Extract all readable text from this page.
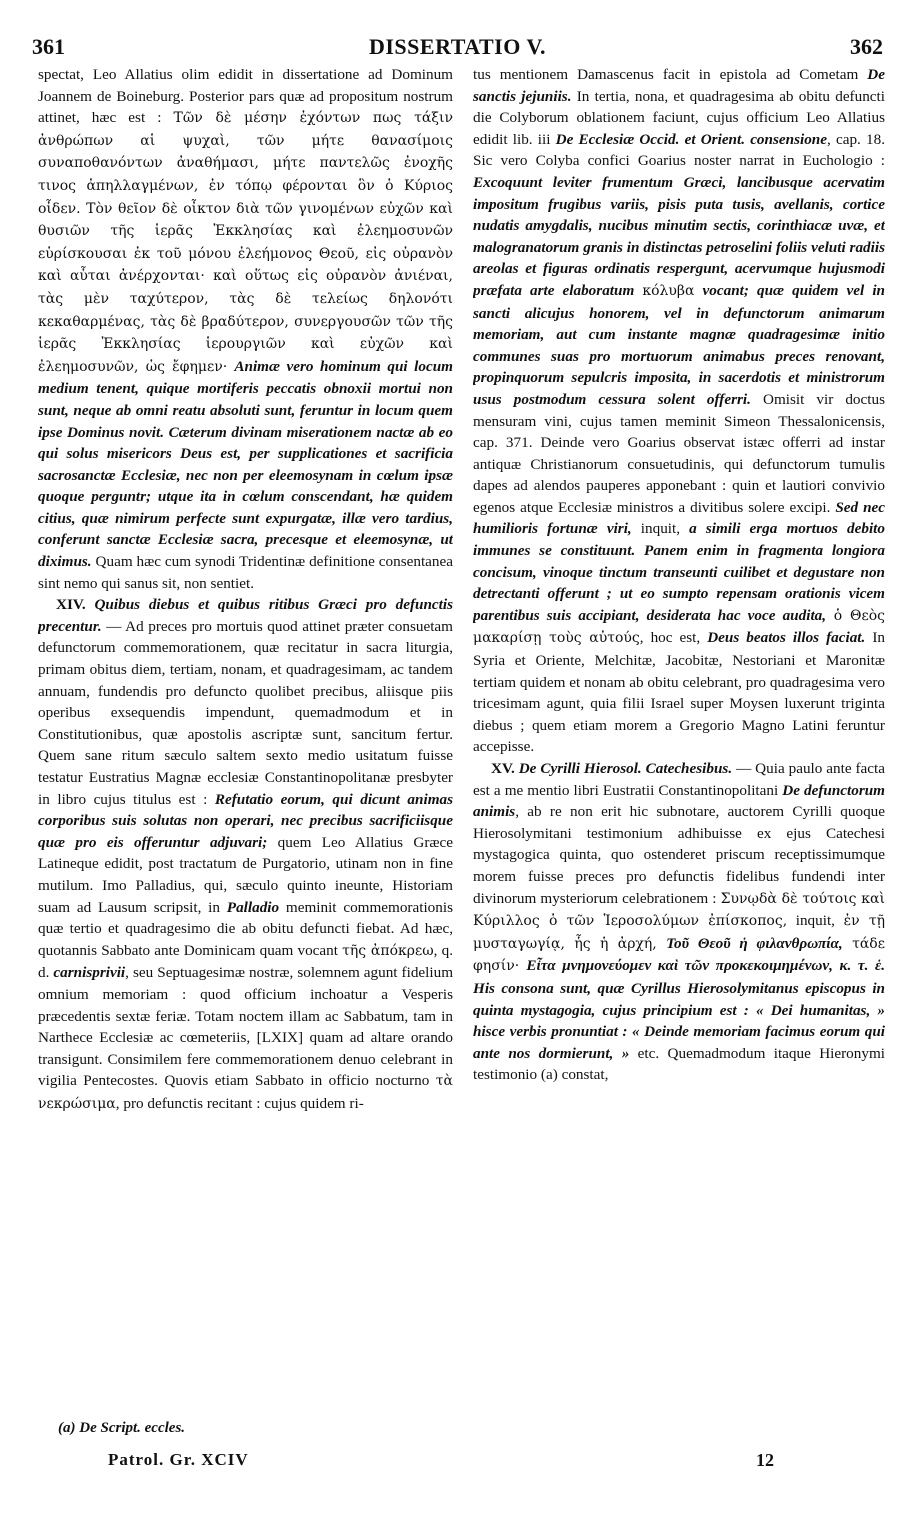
361	DISSERTATIO V.	362

spectat, Leo Allatius olim edidit in dissertatione ad Dominum Joannem de Boineburg. Posterior pars quæ ad propositum nostrum attinet, hæc est : Τῶν δὲ μέσην ἐχόντων πως τάξιν ἀνθρώπων αἱ ψυχαὶ, τῶν μήτε θανασίμοις συναποθανόντων ἀναθήμασι, μήτε παντελῶς ἐνοχῆς τινος ἀπηλλαγμένων, ἐν τόπῳ φέρονται ὃν ὁ Κύριος οἶδεν. Τὸν θεῖον δὲ οἶκτον διὰ τῶν γινομένων εὐχῶν καὶ θυσιῶν τῆς ἱερᾶς Ἐκκλησίας καὶ ἐλεημοσυνῶν εὑρίσκουσαι ἐκ τοῦ μόνου ἐλεήμονος Θεοῦ, εἰς οὐρανὸν καὶ αὗται ἀνέρχονται· καὶ οὕτως εἰς οὐρανὸν ἀνιέναι, τὰς μὲν ταχύτερον, τὰς δὲ τελείως δηλονότι κεκαθαρμένας, τὰς δὲ βραδύτερον, συνεργουσῶν τῶν τῆς ἱερᾶς Ἐκκλησίας ἱερουργιῶν καὶ εὐχῶν καὶ ἐλεημοσυνῶν, ὡς ἔφημεν· Animæ vero hominum qui locum medium tenent, quique mortiferis peccatis obnoxii mortui non sunt, neque ab omni reatu absoluti sunt, feruntur in locum quem ipse Dominus novit. Cæterum divinam miserationem nactæ ab eo qui solus misericors Deus est, per supplicationes et sacrificia sacrosanctæ Ecclesiæ, nec non per eleemosynam in cœlum ipsæ quoque perguntr; utque ita in cœlum conscendant, hæ quidem citius, quæ nimirum perfecte sunt expurgatæ, illæ vero tardius, conferunt sanctæ Ecclesiæ sacra, precesque et eleemosynæ, ut diximus. Quam hæc cum synodi Tridentinæ definitione consentanea sint nemo qui sanus sit, non sentiet.

XIV. Quibus diebus et quibus ritibus Græci pro defunctis precentur. — Ad preces pro mortuis quod attinet præter consuetam defunctorum commemorationem, quæ recitatur in sacra liturgia, primam obitus diem, tertiam, nonam, et quadragesimam, ac tandem annuam, fundendis pro defuncto quolibet precibus, aliisque piis operibus exsequendis impendunt, quemadmodum et in Constitutionibus, quæ apostolis ascriptæ sunt, sancitum fertur. Quem sane ritum sæculo saltem sexto medio usitatum fuisse testatur Eustratius Magnæ ecclesiæ Constantinopolitanæ presbyter in libro cujus titulus est : Refutatio eorum, qui dicunt animas corporibus suis solutas non operari, nec precibus sacrificiisque quæ pro eis offeruntur adjuvari; quem Leo Allatius Græce Latineque edidit, post tractatum de Purgatorio, utinam non in fine mutilum. Imo Palladius, qui, sæculo quinto ineunte, Historiam suam ad Lausum scripsit, in Palladio meminit commemorationis quæ tertio et quadragesimo die ab obitu defuncti fiebat. Ad hæc, quotannis Sabbato ante Dominicam quam vocant τῆς ἀπόκρεω, q. d. carnisprivii, seu Septuagesimæ nostræ, solemnem agunt fidelium omnium memoriam : quod officium inchoatur a Vesperis præcedentis sextæ feriæ. Totam noctem illam ac Sabbatum, tam in Narthece Ecclesiæ ac cœmeteriis, [LXIX] quam ad altare orando transigunt. Consimilem fere commemorationem denuo celebrant in vigilia Pentecostes. Quovis etiam Sabbato in officio nocturno τὰ νεκρώσιμα, pro defunctis recitant : cujus quidem ri-

tus mentionem Damascenus facit in epistola ad Cometam De sanctis jejuniis. In tertia, nona, et quadragesima ab obitu defuncti die Colyborum oblationem faciunt, cujus officium Leo Allatius edidit lib. iii De Ecclesiæ Occid. et Orient. consensione, cap. 18. Sic vero Colyba confici Goarius noster narrat in Euchologio : Excoquunt leviter frumentum Græci, lancibusque acervatim impositum frugibus variis, pisis puta tusis, avellanis, cortice nudatis amygdalis, nucibus minutim sectis, corinthiacæ uvæ, et malogranatorum granis in distinctas petroselini foliis veluti radiis areolas et figuras ordinatis respergunt, acervumque hujusmodi præfata arte elaboratum κόλυβα vocant; quæ quidem vel in sancti alicujus honorem, vel in defunctorum animarum memoriam, aut cum instante magnæ quadragesimæ initio communes suas pro mortuorum animabus preces renovant, propinquorum sepulcris imposita, in sacerdotis et ministrorum usus postmodum cessura solent offerri. Omisit vir doctus mensuram vini, cujus tamen meminit Simeon Thessalonicensis, cap. 371. Deinde vero Goarius observat istæc offerri ad instar antiquæ Christianorum consuetudinis, qui defunctorum tumulis dapes ad alendos pauperes apponebant : quin et lautiori convivio egenos atque Ecclesiæ ministros a divitibus solere excipi. Sed nec humilioris fortunæ viri, inquit, a simili erga mortuos debito immunes se constituunt. Panem enim in fragmenta longiora concisum, vinoque tinctum transeunti cuilibet et degustare non detrectanti offerunt ; ut eo sumpto repensam orationis vicem parentibus suis accipiant, desiderata hac voce audita, ὁ Θεὸς μακαρίσῃ τοὺς αὐτούς, hoc est, Deus beatos illos faciat. In Syria et Oriente, Melchitæ, Jacobitæ, Nestoriani et Maronitæ tertiam quidem et nonam ab obitu celebrant, pro quadragesima vero tricesimam agunt, quia filii Israel super Moysen luxerunt triginta diebus ; quem etiam morem a Gregorio Magno Latini feruntur accepisse.

XV. De Cyrilli Hierosol. Catechesibus. — Quia paulo ante facta est a me mentio libri Eustratii Constantinopolitani De defunctorum animis, ab re non erit hic subnotare, auctorem Cyrilli quoque Hierosolymitani testimonium adhibuisse ex ejus Catechesi mystagogica quinta, quo ostenderet priscum receptissimumque morem fuisse preces pro defunctis fidelibus fundendi inter divinorum mysteriorum celebrationem : Συνῳδὰ δὲ τούτοις καὶ Κύριλλος ὁ τῶν Ἱεροσολύμων ἐπίσκοπος, inquit, ἐν τῇ μυσταγωγίᾳ, ἧς ἡ ἀρχή, Τοῦ Θεοῦ ἡ φιλανθρωπία, τάδε φησίν· Εἶτα μνημονεύομεν καὶ τῶν προκεκοιμημένων, κ. τ. ἑ. His consona sunt, quæ Cyrillus Hierosolymitanus episcopus in quinta mystagogia, cujus principium est : « Dei humanitas, » hisce verbis pronuntiat : « Deinde memoriam facimus eorum qui ante nos dormierunt, » etc. Quemadmodum itaque Hieronymi testimonio (a) constat,

(a) De Script. eccles.
Patrol. Gr. XCIV	12
